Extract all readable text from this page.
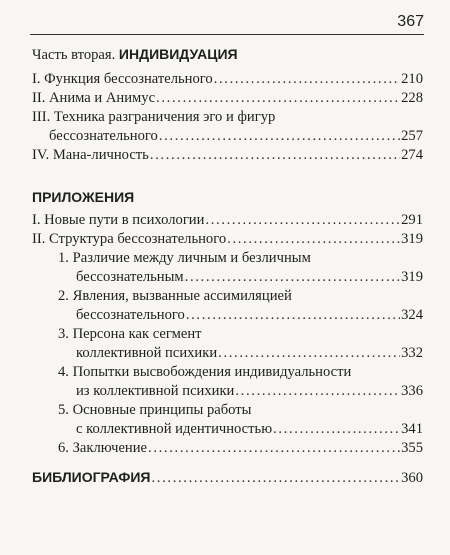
367
Часть вторая. ИНДИВИДУАЦИЯ
I. Функция бессознательного . . .	210
II. Анима и Анимус . . .	228
III. Техника разграничения эго и фигур
бессознательного . . .	257
IV. Мана-личность . . .	274
ПРИЛОЖЕНИЯ
I. Новые пути в психологии . . .	291
II. Структура бессознательного . . .	319
1. Различие между личным и безличным
бессознательным . . .	319
2. Явления, вызванные ассимиляцией
бессознательного . . .	324
3. Персона как сегмент
коллективной психики . . .	332
4. Попытки высвобождения индивидуальности
из коллективной психики . . .	336
5. Основные принципы работы
с коллективной идентичностью . . .	341
6. Заключение . . .	355
БИБЛИОГРАФИЯ . . .	360
